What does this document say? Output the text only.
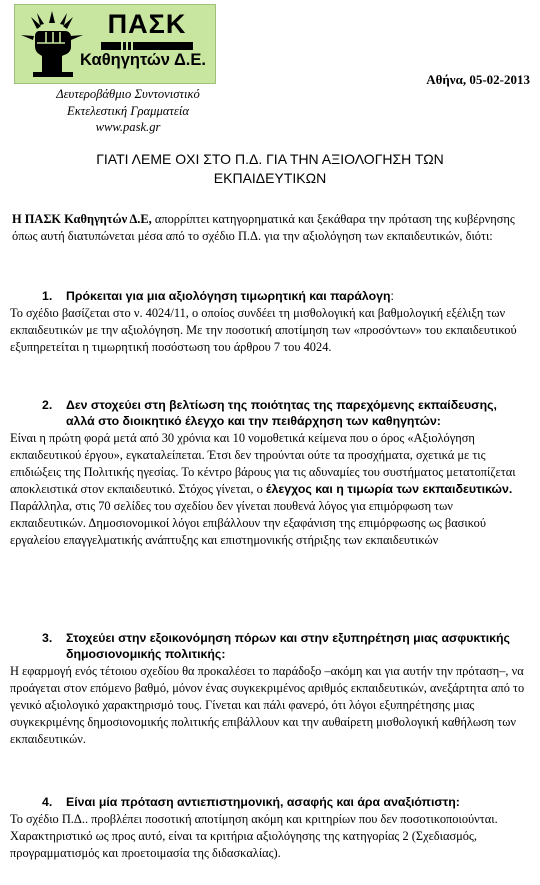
ΠΑΣΚ
Καθηγητών Δ.Ε.
Αθήνα, 05-02-2013
Δευτεροβάθμιο Συντονιστικό
Εκτελεστική Γραμματεία
www.pask.gr
ΓΙΑΤΙ ΛΕΜΕ ΟΧΙ ΣΤΟ Π.Δ. ΓΙΑ ΤΗΝ ΑΞΙΟΛΟΓΗΣΗ ΤΩΝ
ΕΚΠΑΙΔΕΥΤΙΚΩΝ
Η ΠΑΣΚ Καθηγητών Δ.Ε, απορρίπτει κατηγορηματικά και ξεκάθαρα την πρόταση της κυβέρνησης όπως αυτή διατυπώνεται μέσα από το σχέδιο Π.Δ. για την αξιολόγηση των εκπαιδευτικών, διότι:
1. Πρόκειται για μια αξιολόγηση τιμωρητική και παράλογη:
Το σχέδιο βασίζεται στο ν. 4024/11, ο οποίος συνδέει τη μισθολογική και βαθμολογική εξέλιξη των εκπαιδευτικών με την αξιολόγηση. Με την ποσοτική αποτίμηση των «προσόντων» του εκπαιδευτικού εξυπηρετείται η τιμωρητική ποσόστωση του άρθρου 7 του 4024.
2. Δεν στοχεύει στη βελτίωση της ποιότητας της παρεχόμενης εκπαίδευσης, αλλά στο διοικητικό έλεγχο και την πειθάρχηση των καθηγητών:
Είναι η πρώτη φορά μετά από 30 χρόνια και 10 νομοθετικά κείμενα που ο όρος «Αξιολόγηση εκπαιδευτικού έργου», εγκαταλείπεται. Έτσι δεν τηρούνται ούτε τα προσχήματα, σχετικά με τις επιδιώξεις της Πολιτικής ηγεσίας. Το κέντρο βάρους για τις αδυναμίες του συστήματος μετατοπίζεται αποκλειστικά στον εκπαιδευτικό. Στόχος γίνεται, ο έλεγχος και η τιμωρία των εκπαιδευτικών.
Παράλληλα, στις 70 σελίδες του σχεδίου δεν γίνεται πουθενά λόγος για επιμόρφωση των εκπαιδευτικών. Δημοσιονομικοί λόγοι επιβάλλουν την εξαφάνιση της επιμόρφωσης ως βασικού εργαλείου επαγγελματικής ανάπτυξης και επιστημονικής στήριξης των εκπαιδευτικών
3. Στοχεύει στην εξοικονόμηση πόρων και στην εξυπηρέτηση μιας ασφυκτικής δημοσιονομικής πολιτικής:
Η εφαρμογή ενός τέτοιου σχεδίου θα προκαλέσει το παράδοξο –ακόμη και για αυτήν την πρόταση–, να προάγεται στον επόμενο βαθμό, μόνον ένας συγκεκριμένος αριθμός εκπαιδευτικών, ανεξάρτητα από το γενικό αξιολογικό χαρακτηρισμό τους. Γίνεται και πάλι φανερό, ότι λόγοι εξυπηρέτησης μιας συγκεκριμένης δημοσιονομικής πολιτικής επιβάλλουν και την αυθαίρετη μισθολογική καθήλωση των εκπαιδευτικών.
4. Είναι μία πρόταση αντιεπιστημονική, ασαφής και άρα αναξιόπιστη:
Το σχέδιο Π.Δ.. προβλέπει ποσοτική αποτίμηση ακόμη και κριτηρίων που δεν ποσοτικοποιούνται. Χαρακτηριστικό ως προς αυτό, είναι τα κριτήρια αξιολόγησης της κατηγορίας 2 (Σχεδιασμός, προγραμματισμός και προετοιμασία της διδασκαλίας).
